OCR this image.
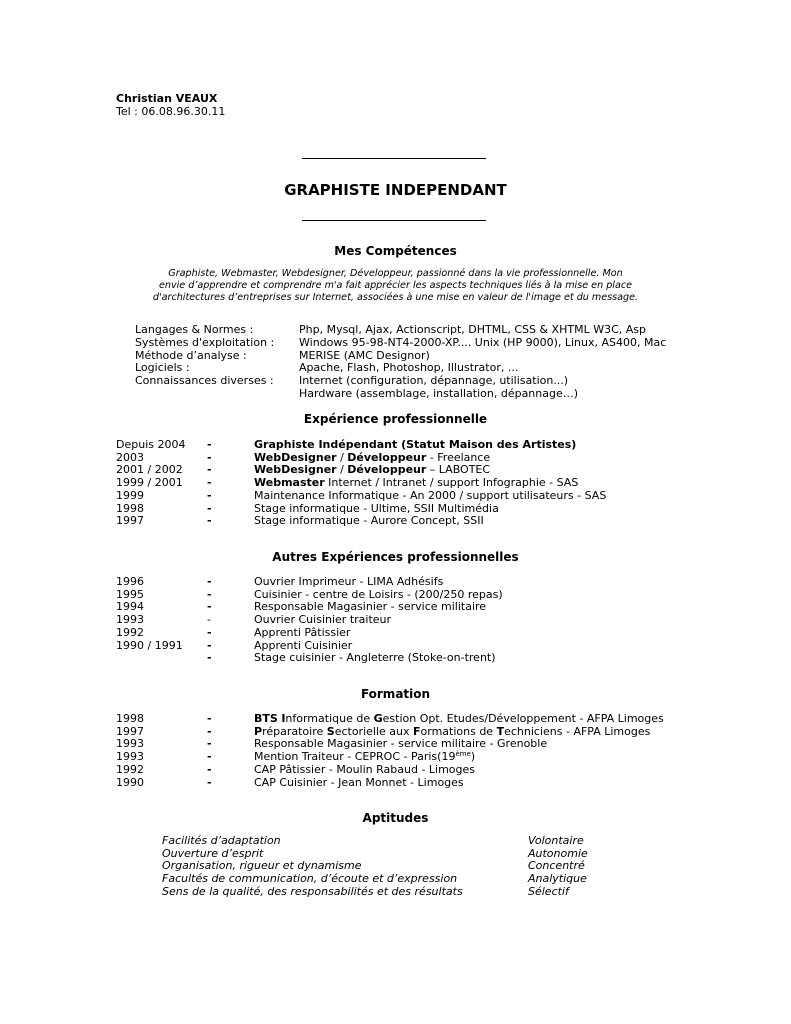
Christian VEAUX
Tel : 06.08.96.30.11
GRAPHISTE INDEPENDANT
Mes Compétences
Graphiste, Webmaster, Webdesigner, Développeur, passionné dans la vie professionnelle. Mon
envie d’apprendre et comprendre m'a fait apprécier les aspects techniques liés à la mise en place
d'architectures d’entreprises sur Internet, associées à une mise en valeur de l'image et du message.
Langages & Normes :	Php, Mysql, Ajax, Actionscript, DHTML, CSS & XHTML W3C, Asp
Systèmes d'exploitation : Windows 95-98-NT4-2000-XP.... Unix (HP 9000), Linux, AS400, Mac
Méthode d’analyse :	MERISE (AMC Designor)
Logiciels :	Apache, Flash, Photoshop, Illustrator, ...
Connaissances diverses : Internet (configuration, dépannage, utilisation...)
Hardware (assemblage, installation, dépannage…)
Expérience professionnelle
Depuis 2004 -	Graphiste Indépendant (Statut Maison des Artistes)
2003	-	WebDesigner / Développeur - Freelance
2001 / 2002 -	WebDesigner / Développeur – LABOTEC
1999 / 2001 -	Webmaster Internet / Intranet / support Infographie - SAS
1999	-	Maintenance Informatique - An 2000 / support utilisateurs - SAS
1998	-	Stage informatique - Ultime, SSII Multimédia
1997	-	Stage informatique - Aurore Concept, SSII
Autres Expériences professionnelles
1996	-	Ouvrier Imprimeur - LIMA Adhésifs
1995	-	Cuisinier - centre de Loisirs - (200/250 repas)
1994	-	Responsable Magasinier - service militaire
1993	-	Ouvrier Cuisinier traiteur
1992	-	Apprenti Pâtissier
1990 / 1991 -	Apprenti Cuisinier
-	Stage cuisinier - Angleterre (Stoke-on-trent)
Formation
1998	-	BTS Informatique de Gestion Opt. Etudes/Développement - AFPA Limoges
1997	-	Préparatoire Sectorielle aux Formations de Techniciens - AFPA Limoges
1993	-	Responsable Magasinier - service militaire - Grenoble
1993	-	Mention Traiteur - CEPROC - Paris(19ème)
1992	-	CAP Pâtissier - Moulin Rabaud - Limoges
1990	-	CAP Cuisinier - Jean Monnet - Limoges
Aptitudes
Facilités d’adaptation	Volontaire
Ouverture d’esprit	Autonomie
Organisation, rigueur et dynamisme	Concentré
Facultés de communication, d’écoute et d’expression	Analytique
Sens de la qualité, des responsabilités et des résultats	Sélectif
